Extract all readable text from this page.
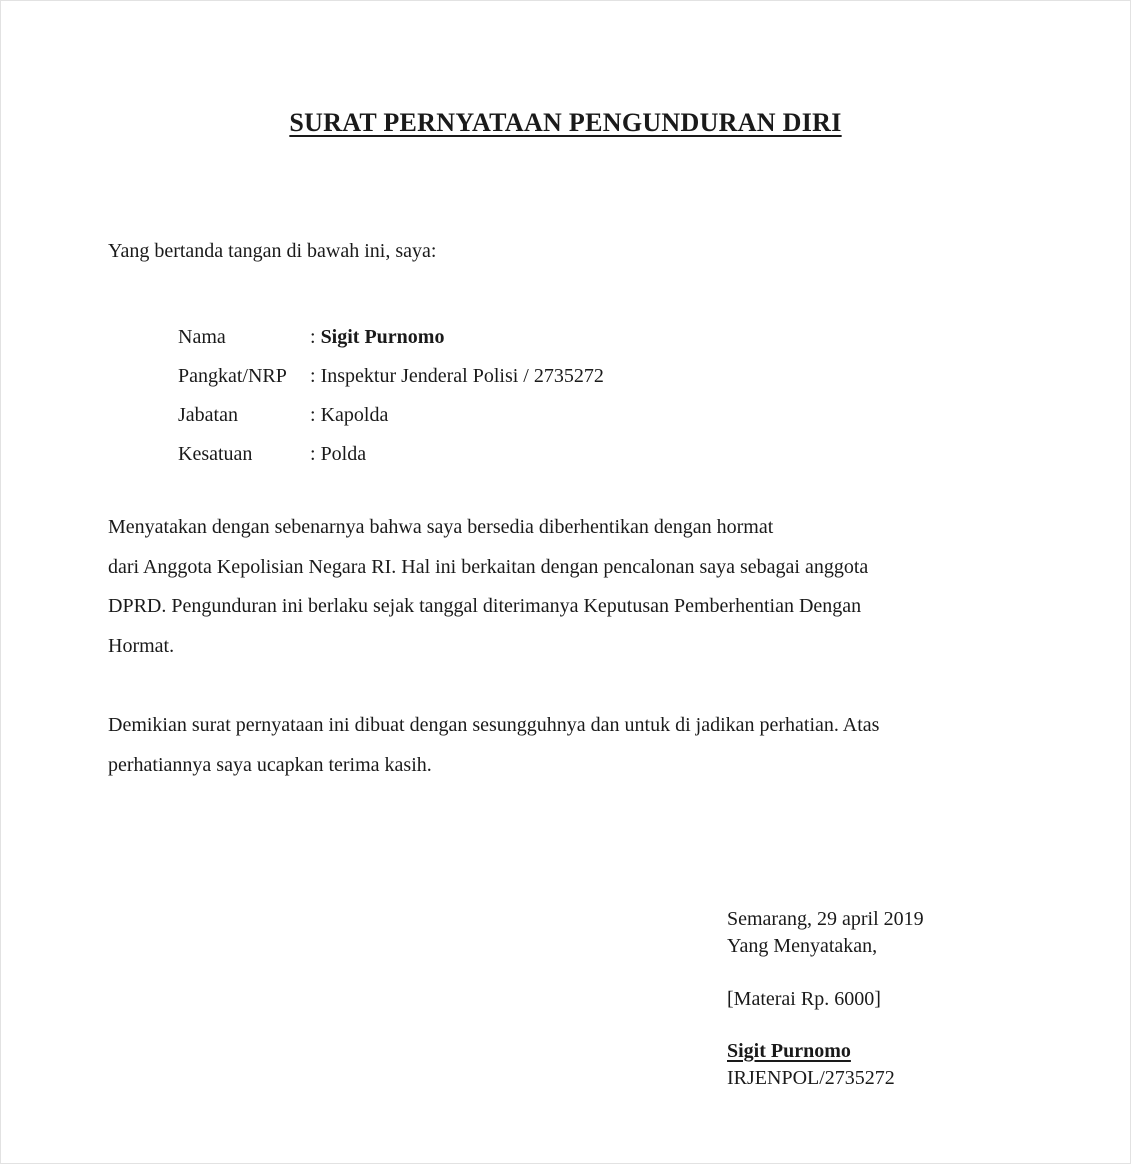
SURAT PERNYATAAN PENGUNDURAN DIRI

Yang bertanda tangan di bawah ini, saya:

Nama	: Sigit Purnomo
Pangkat/NRP	: Inspektur Jenderal Polisi / 2735272
Jabatan	: Kapolda
Kesatuan	: Polda

Menyatakan dengan sebenarnya bahwa saya bersedia diberhentikan dengan hormat
dari Anggota Kepolisian Negara RI. Hal ini berkaitan dengan pencalonan saya sebagai anggota
DPRD. Pengunduran ini berlaku sejak tanggal diterimanya Keputusan Pemberhentian Dengan
Hormat.

Demikian surat pernyataan ini dibuat dengan sesungguhnya dan untuk di jadikan perhatian. Atas
perhatiannya saya ucapkan terima kasih.

Semarang, 29 april 2019
Yang Menyatakan,
[Materai Rp. 6000]
Sigit Purnomo
IRJENPOL/2735272
